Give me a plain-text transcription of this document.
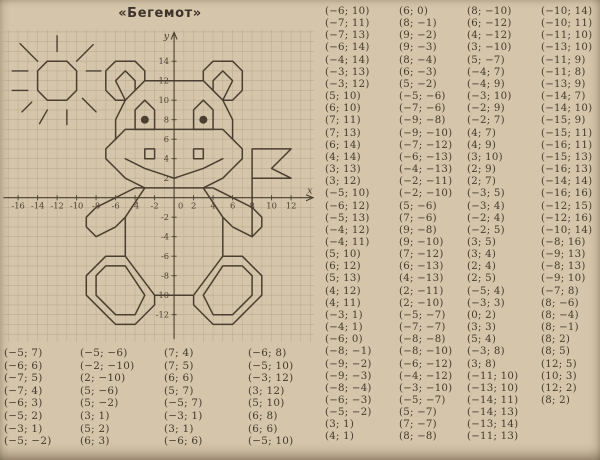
«Бегемот»
-16 -14 -12 -10 -8 -6 -4 -2	2 4 6 8 10 12
14
12
10
8
6
4
2
-2
-4
-6
-8
-10
-12
0
x
y
(−5; 7)
(−6; 6)
(−7; 5)
(−7; 4)
(−6; 3)
(−5; 2)
(−3; 1)
(−5; −2)
(−5; −6)
(−2; −10)
(2; −10)
(5; −6)
(5; −2)
(3; 1)
(5; 2)
(6; 3)
(7; 4)
(7; 5)
(6; 6)
(5; 7)
(−5; 7)
(−3; 1)
(3; 1)
(−6; 6)
(−6; 8)
(−5; 10)
(−3; 12)
(3; 12)
(5; 10)
(6; 8)
(6; 6)
(−5; 10)
(−6; 10)
(−7; 11)
(−7; 13)
(−6; 14)
(−4; 14)
(−3; 13)
(−3; 12)
(5; 10)
(6; 10)
(7; 11)
(7; 13)
(6; 14)
(4; 14)
(3; 13)
(3; 12)
(−5; 10)
(−6; 12)
(−5; 13)
(−4; 12)
(−4; 11)
(5; 10)
(6; 12)
(5; 13)
(4; 12)
(4; 11)
(−3; 1)
(−4; 1)
(−6; 0)
(−8; −1)
(−9; −2)
(−9; −3)
(−8; −4)
(−6; −3)
(−5; −2)
(3; 1)
(4; 1)
(6; 0)
(8; −1)
(9; −2)
(9; −3)
(8; −4)
(6; −3)
(5; −2)
(−5; −6)
(−7; −6)
(−9; −8)
(−9; −10)
(−7; −12)
(−6; −13)
(−4; −13)
(−2; −11)
(−2; −10)
(5; −6)
(7; −6)
(9; −8)
(9; −10)
(7; −12)
(6; −13)
(4; −13)
(2; −11)
(2; −10)
(−5; −7)
(−7; −7)
(−8; −8)
(−8; −10)
(−6; −12)
(−4; −12)
(−3; −10)
(−5; −7)
(5; −7)
(7; −7)
(8; −8)
(8; −10)
(6; −12)
(4; −12)
(3; −10)
(5; −7)
(−4; 7)
(−4; 9)
(−3; 10)
(−2; 9)
(−2; 7)
(4; 7)
(4; 9)
(3; 10)
(2; 9)
(2; 7)
(−3; 5)
(−3; 4)
(−2; 4)
(−2; 5)
(3; 5)
(3; 4)
(2; 4)
(2; 5)
(−5; 4)
(−3; 3)
(0; 2)
(3; 3)
(5; 4)
(−3; 8)
(3; 8)
(−11; 10)
(−13; 10)
(−14; 11)
(−14; 13)
(−13; 14)
(−11; 13)
(−10; 14)
(−10; 11)
(−11; 10)
(−13; 10)
(−11; 9)
(−11; 8)
(−13; 9)
(−14; 7)
(−14; 10)
(−15; 9)
(−15; 11)
(−16; 11)
(−15; 13)
(−16; 13)
(−14; 14)
(−16; 16)
(−12; 15)
(−12; 16)
(−10; 14)
(−8; 16)
(−9; 13)
(−8; 13)
(−9; 10)
(−7; 8)
(8; −6)
(8; −4)
(8; −1)
(8; 2)
(8; 5)
(12; 5)
(10; 3)
(12; 2)
(8; 2)
